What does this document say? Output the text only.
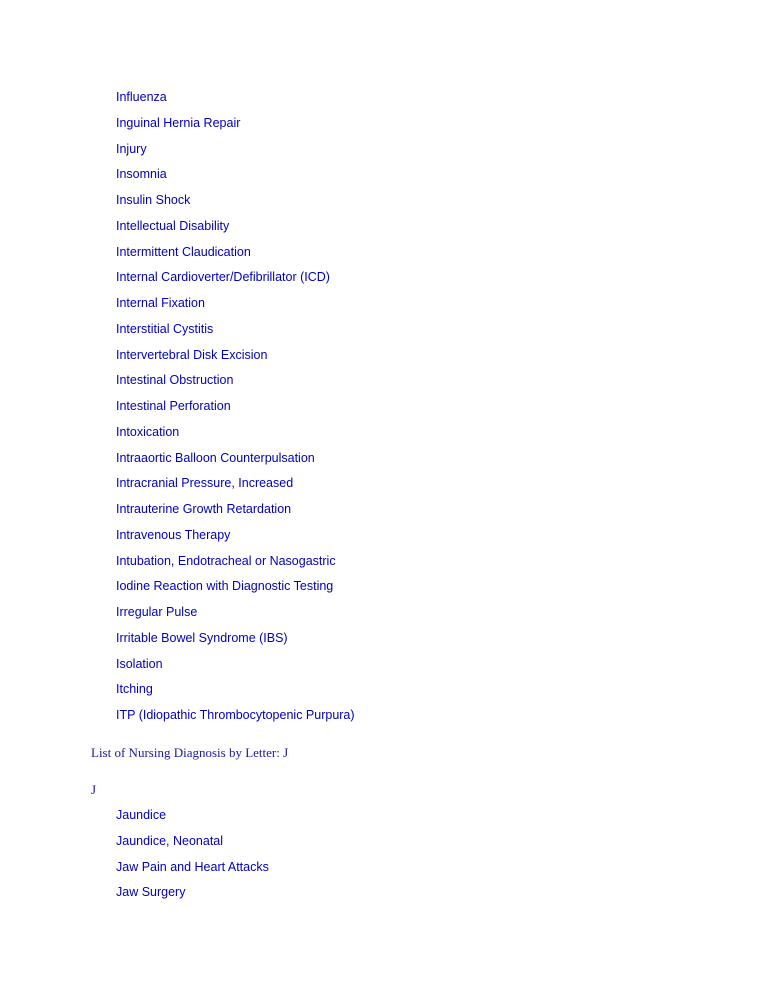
Influenza
Inguinal Hernia Repair
Injury
Insomnia
Insulin Shock
Intellectual Disability
Intermittent Claudication
Internal Cardioverter/Defibrillator (ICD)
Internal Fixation
Interstitial Cystitis
Intervertebral Disk Excision
Intestinal Obstruction
Intestinal Perforation
Intoxication
Intraaortic Balloon Counterpulsation
Intracranial Pressure, Increased
Intrauterine Growth Retardation
Intravenous Therapy
Intubation, Endotracheal or Nasogastric
Iodine Reaction with Diagnostic Testing
Irregular Pulse
Irritable Bowel Syndrome (IBS)
Isolation
Itching
ITP (Idiopathic Thrombocytopenic Purpura)
List of Nursing Diagnosis by Letter: J
J
Jaundice
Jaundice, Neonatal
Jaw Pain and Heart Attacks
Jaw Surgery
